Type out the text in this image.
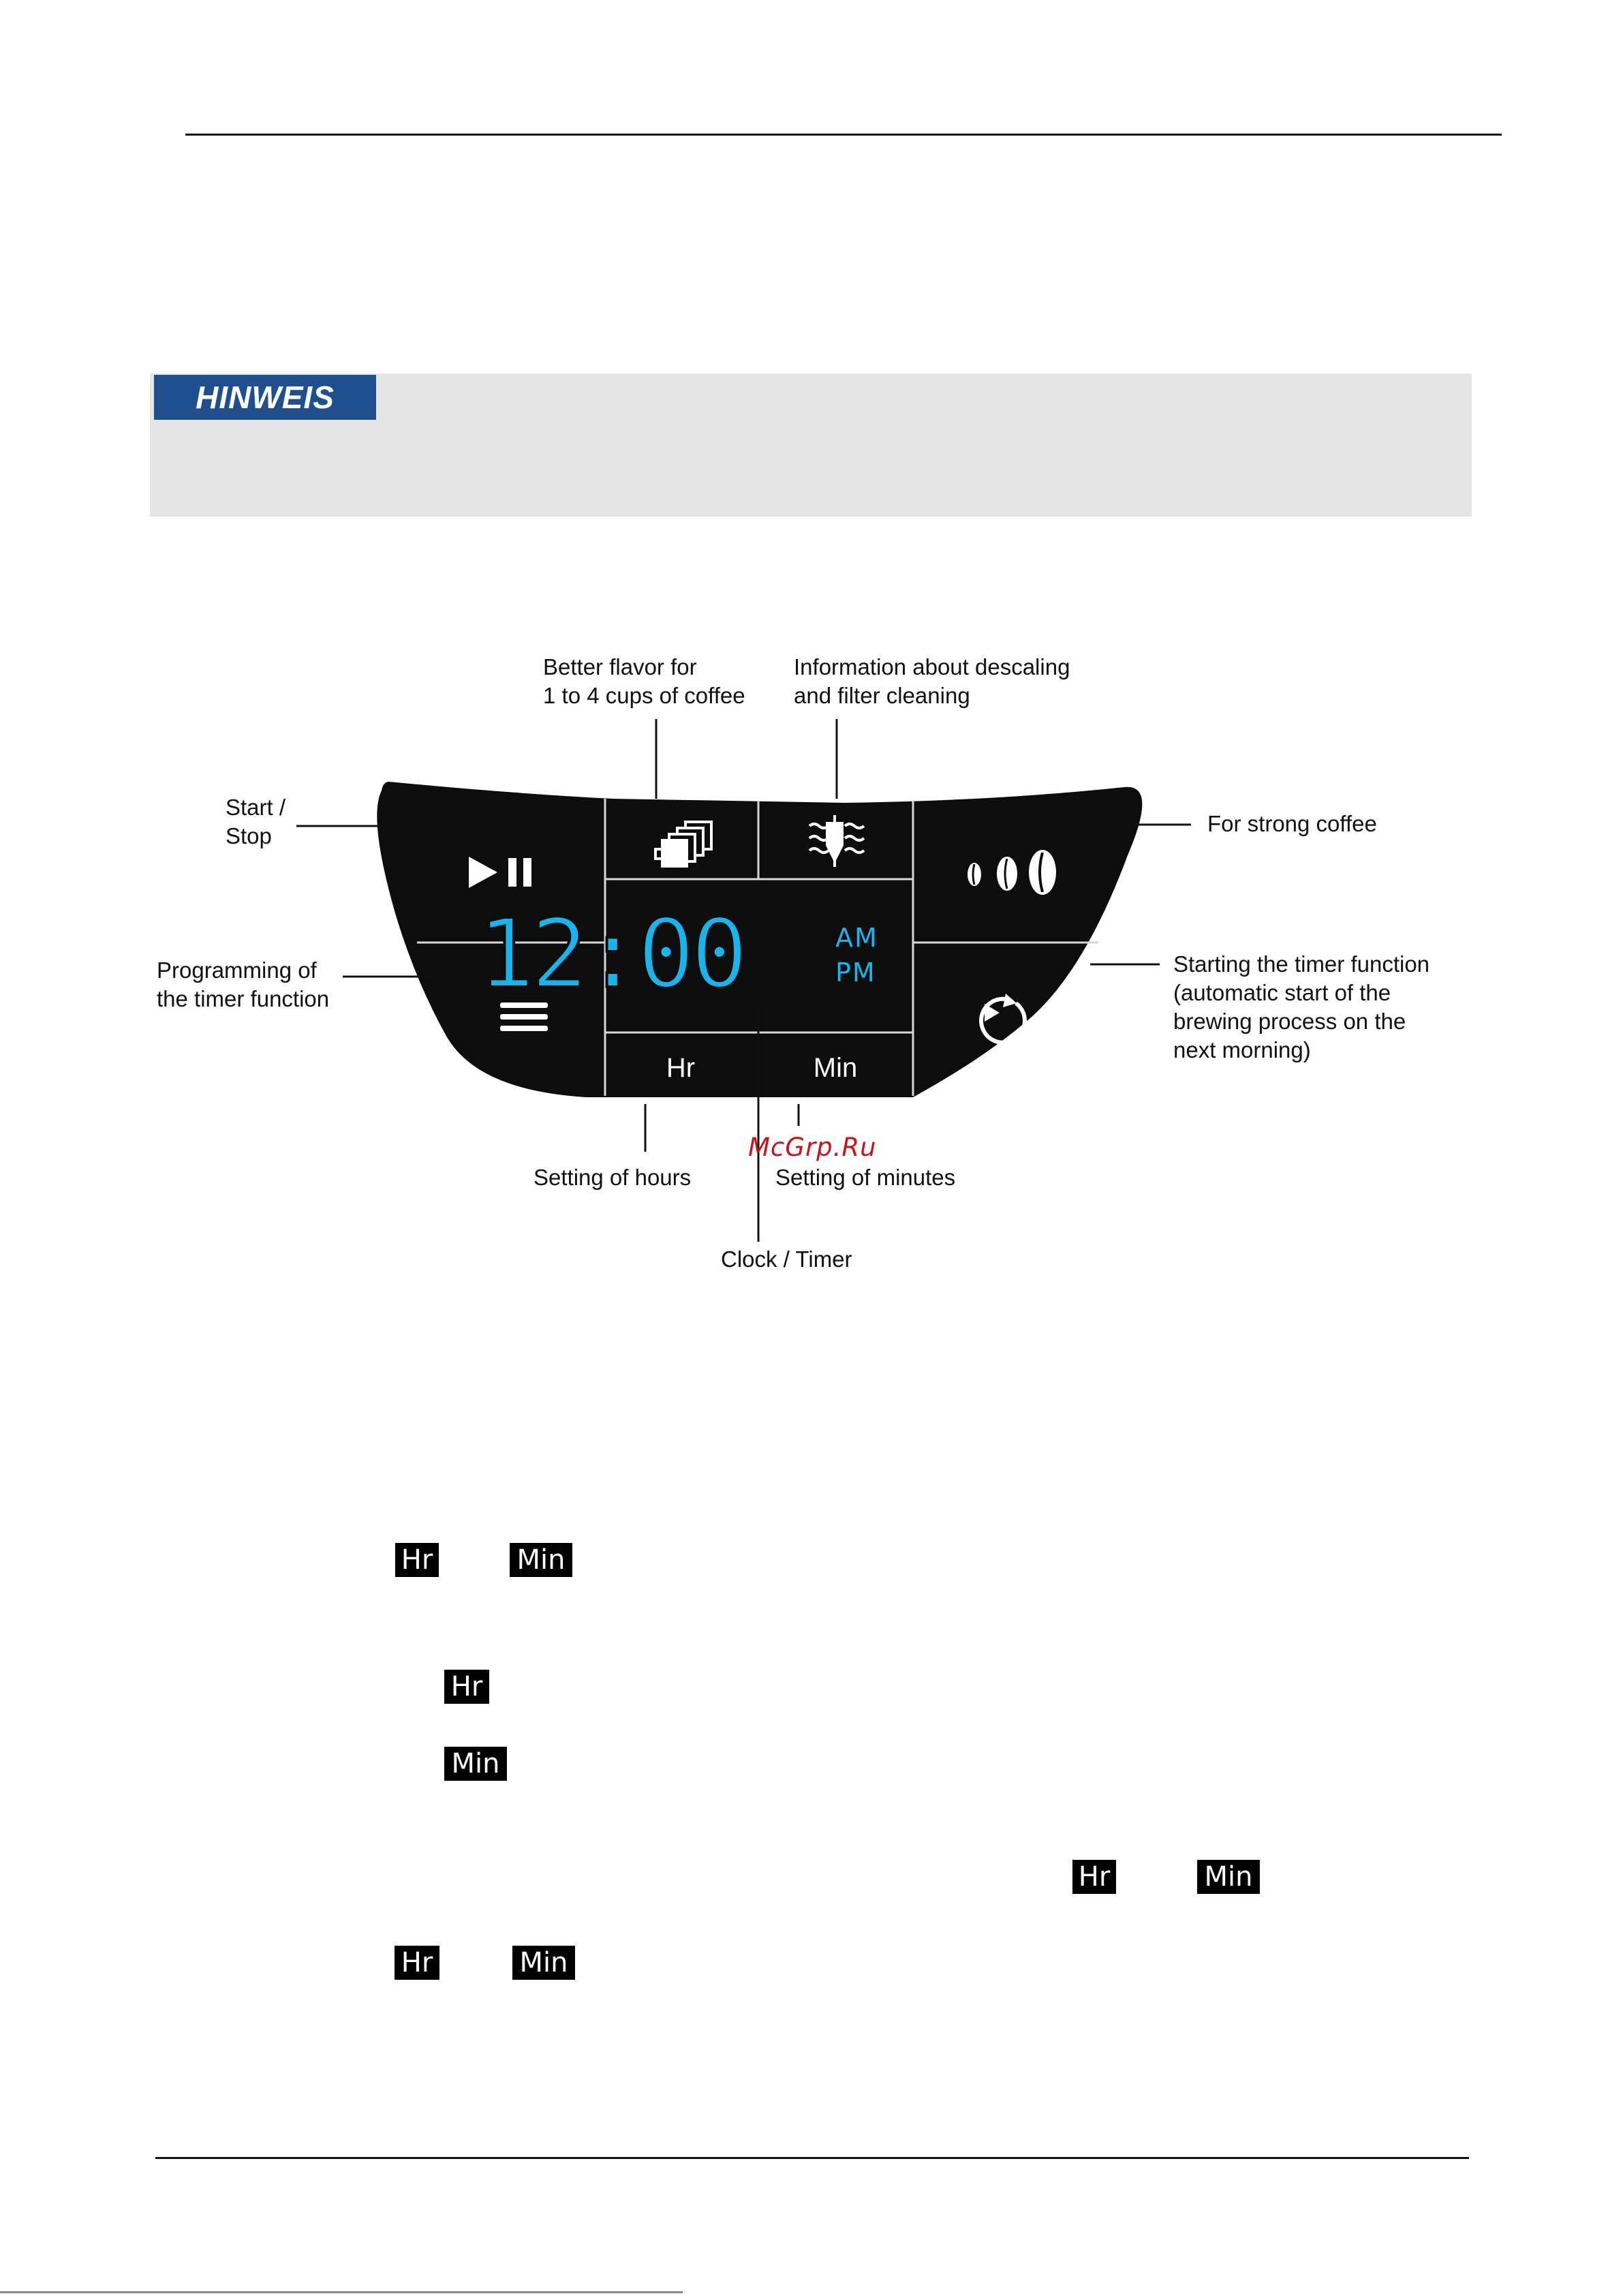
HINWEIS
12:00	AM
PM
Hr	Min
Better flavor for
1 to 4 cups of coffee
Information about descaling
and filter cleaning
Start /
Stop	For strong coffee
Programming of
the timer function
Starting the timer function
(automatic start of the
brewing process on the
next morning)
Setting of hours	Setting of minutes
Clock / Timer
McGrp.Ru
Hr	Min
Hr
Min
Hr	Min
Hr	Min
